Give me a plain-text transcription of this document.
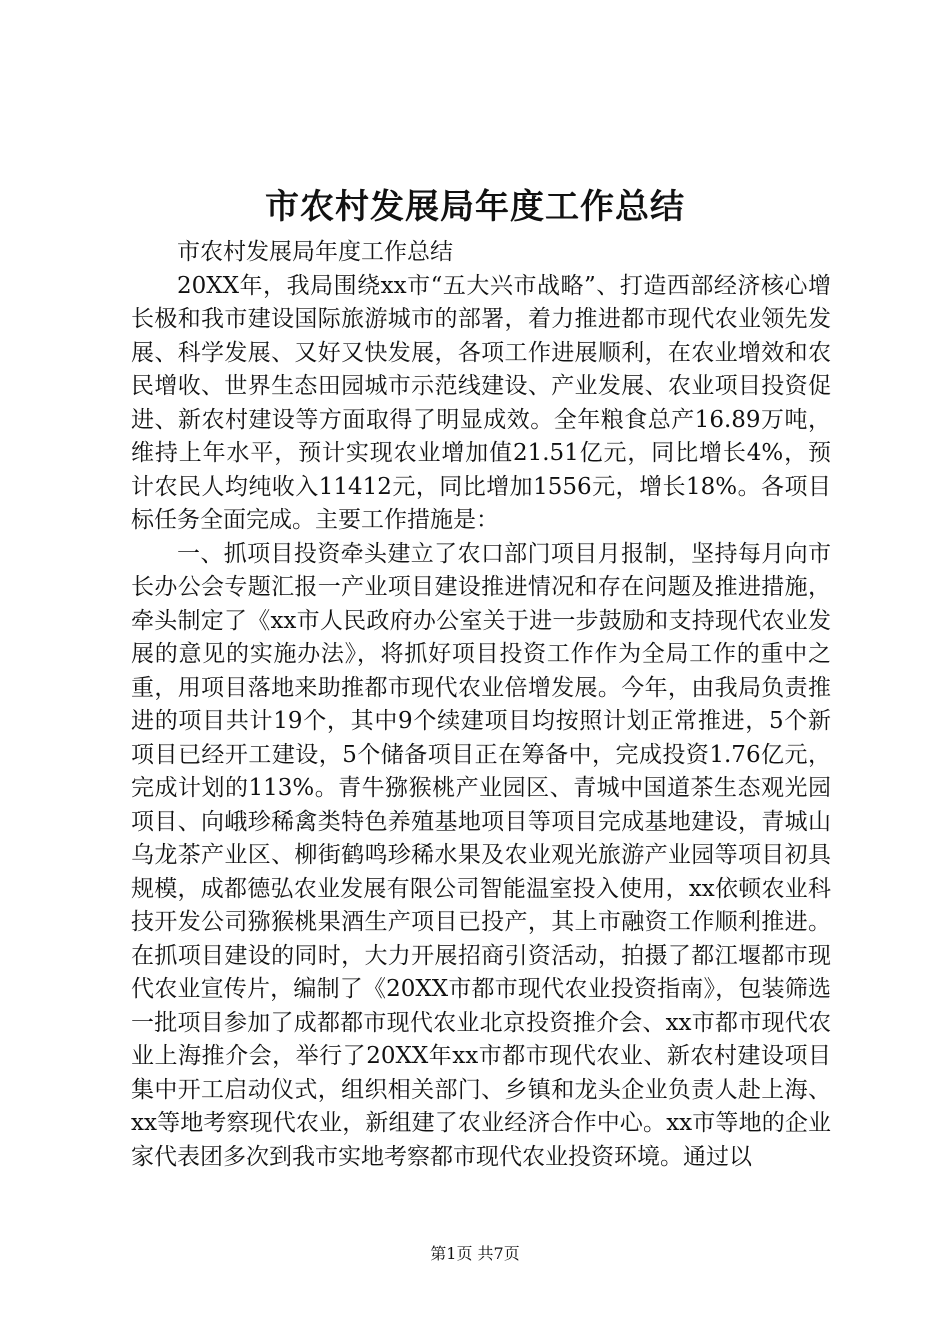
市农村发展局年度工作总结

市农村发展局年度工作总结

20XX年，我局围绕xx市“五大兴市战略”、打造西部经济核心增长极和我市建设国际旅游城市的部署，着力推进都市现代农业领先发展、科学发展、又好又快发展，各项工作进展顺利，在农业增效和农民增收、世界生态田园城市示范线建设、产业发展、农业项目投资促进、新农村建设等方面取得了明显成效。全年粮食总产16.89万吨，维持上年水平，预计实现农业增加值21.51亿元，同比增长4%，预计农民人均纯收入11412元，同比增加1556元，增长18%。各项目标任务全面完成。主要工作措施是：

一、抓项目投资牵头建立了农口部门项目月报制，坚持每月向市长办公会专题汇报一产业项目建设推进情况和存在问题及推进措施，牵头制定了《xx市人民政府办公室关于进一步鼓励和支持现代农业发展的意见的实施办法》，将抓好项目投资工作作为全局工作的重中之重，用项目落地来助推都市现代农业倍增发展。今年，由我局负责推进的项目共计19个，其中9个续建项目均按照计划正常推进，5个新项目已经开工建设，5个储备项目正在筹备中，完成投资1.76亿元，完成计划的113%。青牛猕猴桃产业园区、青城中国道茶生态观光园项目、向峨珍稀禽类特色养殖基地项目等项目完成基地建设，青城山乌龙茶产业区、柳街鹤鸣珍稀水果及农业观光旅游产业园等项目初具规模，成都德弘农业发展有限公司智能温室投入使用，xx依顿农业科技开发公司猕猴桃果酒生产项目已投产，其上市融资工作顺利推进。在抓项目建设的同时，大力开展招商引资活动，拍摄了都江堰都市现代农业宣传片，编制了《20XX市都市现代农业投资指南》，包装筛选一批项目参加了成都都市现代农业北京投资推介会、xx市都市现代农业上海推介会，举行了20XX年xx市都市现代农业、新农村建设项目集中开工启动仪式，组织相关部门、乡镇和龙头企业负责人赴上海、xx等地考察现代农业，新组建了农业经济合作中心。xx市等地的企业家代表团多次到我市实地考察都市现代农业投资环境。通过以

第1页 共7页
